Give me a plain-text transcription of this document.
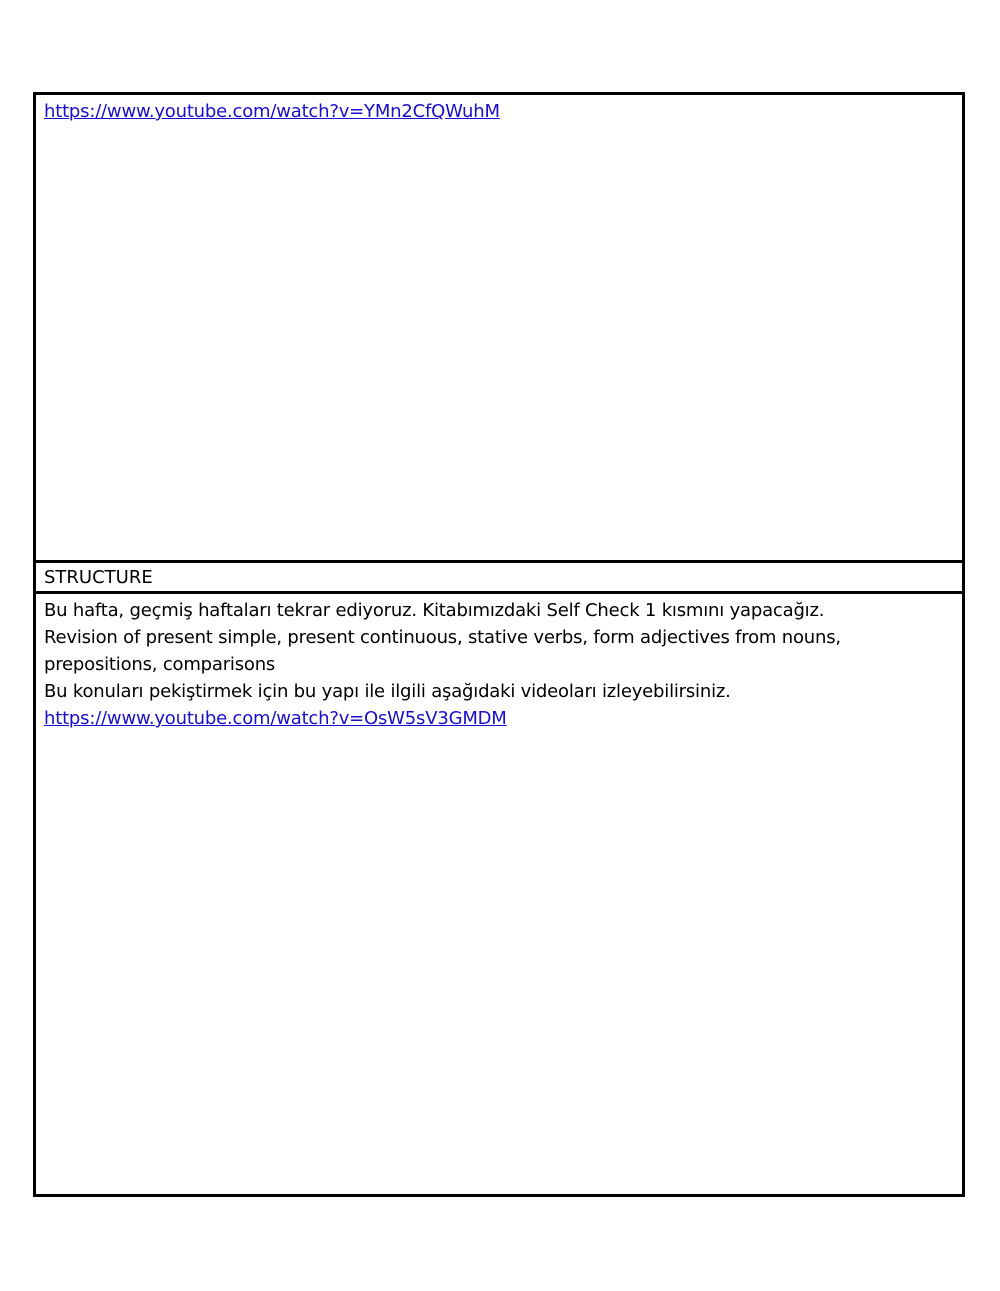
https://www.youtube.com/watch?v=YMn2CfQWuhM
STRUCTURE
Bu hafta, geçmiş haftaları tekrar ediyoruz. Kitabımızdaki Self Check 1 kısmını yapacağız.
Revision of present simple, present continuous, stative verbs, form adjectives from nouns,
prepositions, comparisons
Bu konuları pekiştirmek için bu yapı ile ilgili aşağıdaki videoları izleyebilirsiniz.
https://www.youtube.com/watch?v=OsW5sV3GMDM
